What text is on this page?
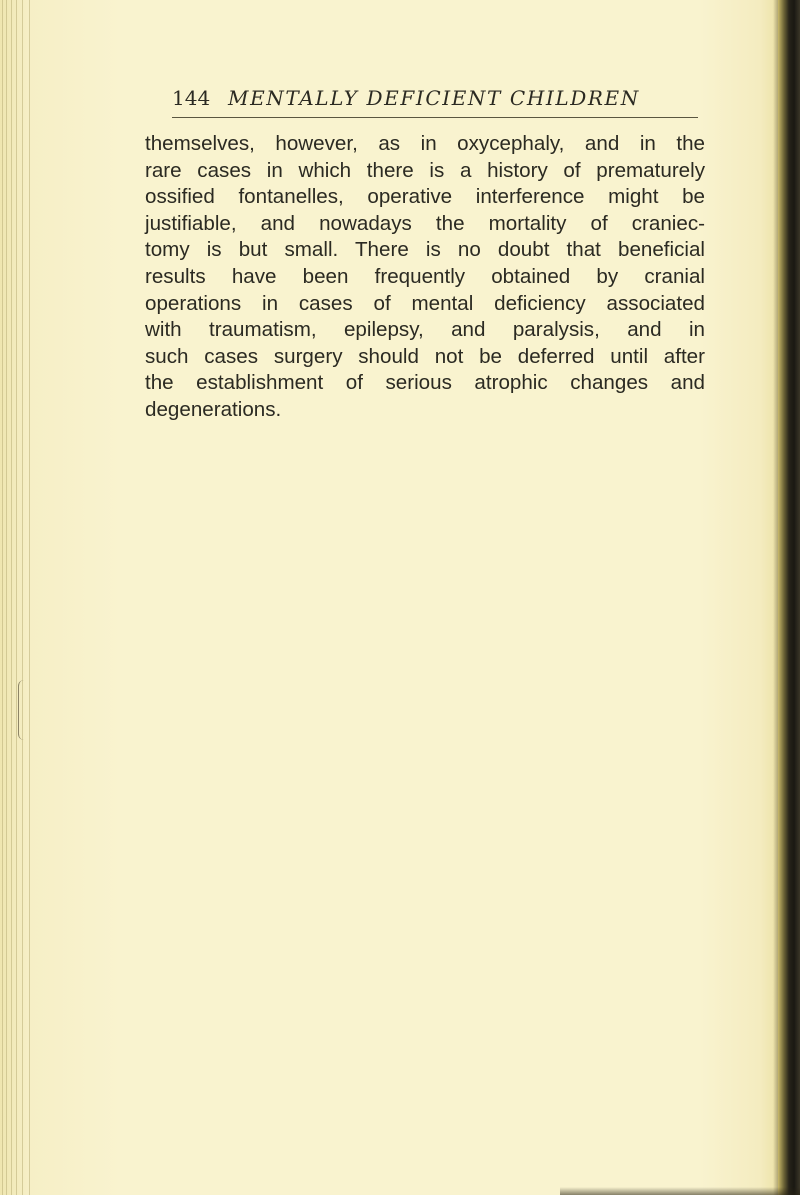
144 MENTALLY DEFICIENT CHILDREN
themselves, however, as in oxycephaly, and in the
rare cases in which there is a history of prematurely
ossified fontanelles, operative interference might be
justifiable, and nowadays the mortality of craniec-
tomy is but small. There is no doubt that beneficial
results have been frequently obtained by cranial
operations in cases of mental deficiency associated
with traumatism, epilepsy, and paralysis, and in
such cases surgery should not be deferred until after
the establishment of serious atrophic changes and
degenerations.
